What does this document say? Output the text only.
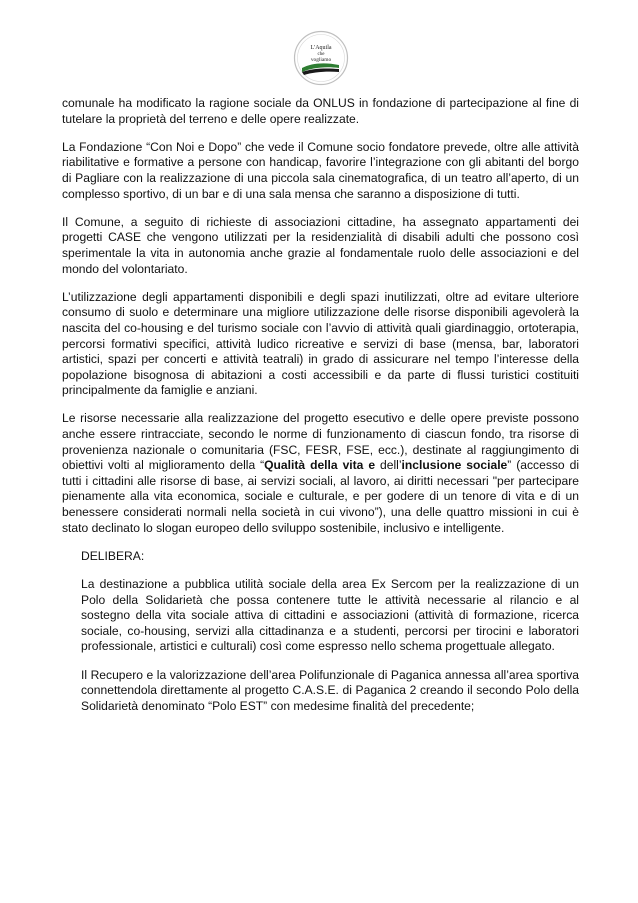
L'Aquila
che
vogliamo

comunale ha modificato la ragione sociale da ONLUS in fondazione di partecipazione al fine di tutelare la proprietà del terreno e delle opere realizzate.

La Fondazione “Con Noi e Dopo” che vede il Comune socio fondatore prevede, oltre alle attività riabilitative e formative a persone con handicap, favorire l’integrazione con gli abitanti del borgo di Pagliare con la realizzazione di una piccola sala cinematografica, di un teatro all’aperto, di un complesso sportivo, di un bar e di una sala mensa che saranno a disposizione di tutti.

Il Comune, a seguito di richieste di associazioni cittadine, ha assegnato appartamenti dei progetti CASE che vengono utilizzati per la residenzialità di disabili adulti che possono così sperimentale la vita in autonomia anche grazie al fondamentale ruolo delle associazioni e del mondo del volontariato.

L’utilizzazione degli appartamenti disponibili e degli spazi inutilizzati, oltre ad evitare ulteriore consumo di suolo e determinare una migliore utilizzazione delle risorse disponibili agevolerà la nascita del co-housing e del turismo sociale con l’avvio di attività quali giardinaggio, ortoterapia, percorsi formativi specifici, attività ludico ricreative e servizi di base (mensa, bar, laboratori artistici, spazi per concerti e attività teatrali) in grado di assicurare nel tempo l’interesse della popolazione bisognosa di abitazioni a costi accessibili e da parte di flussi turistici costituiti principalmente da famiglie e anziani.

Le risorse necessarie alla realizzazione del progetto esecutivo e delle opere previste possono anche essere rintracciate, secondo le norme di funzionamento di ciascun fondo, tra risorse di provenienza nazionale o comunitaria (FSC, FESR, FSE, ecc.), destinate al raggiungimento di obiettivi volti al miglioramento della “Qualità della vita e dell’inclusione sociale” (accesso di tutti i cittadini alle risorse di base, ai servizi sociali, al lavoro, ai diritti necessari "per partecipare pienamente alla vita economica, sociale e culturale, e per godere di un tenore di vita e di un benessere considerati normali nella società in cui vivono”), una delle quattro missioni in cui è stato declinato lo slogan europeo dello sviluppo sostenibile, inclusivo e intelligente.

DELIBERA:

La destinazione a pubblica utilità sociale della area Ex Sercom per la realizzazione di un Polo della Solidarietà che possa contenere tutte le attività necessarie al rilancio e al sostegno della vita sociale attiva di cittadini e associazioni (attività di formazione, ricerca sociale, co-housing, servizi alla cittadinanza e a studenti, percorsi per tirocini e laboratori professionale, artistici e culturali) così come espresso nello schema progettuale allegato.

Il Recupero e la valorizzazione dell’area Polifunzionale di Paganica annessa all’area sportiva connettendola direttamente al progetto C.A.S.E. di Paganica 2 creando il secondo Polo della Solidarietà denominato “Polo EST” con medesime finalità del precedente;
